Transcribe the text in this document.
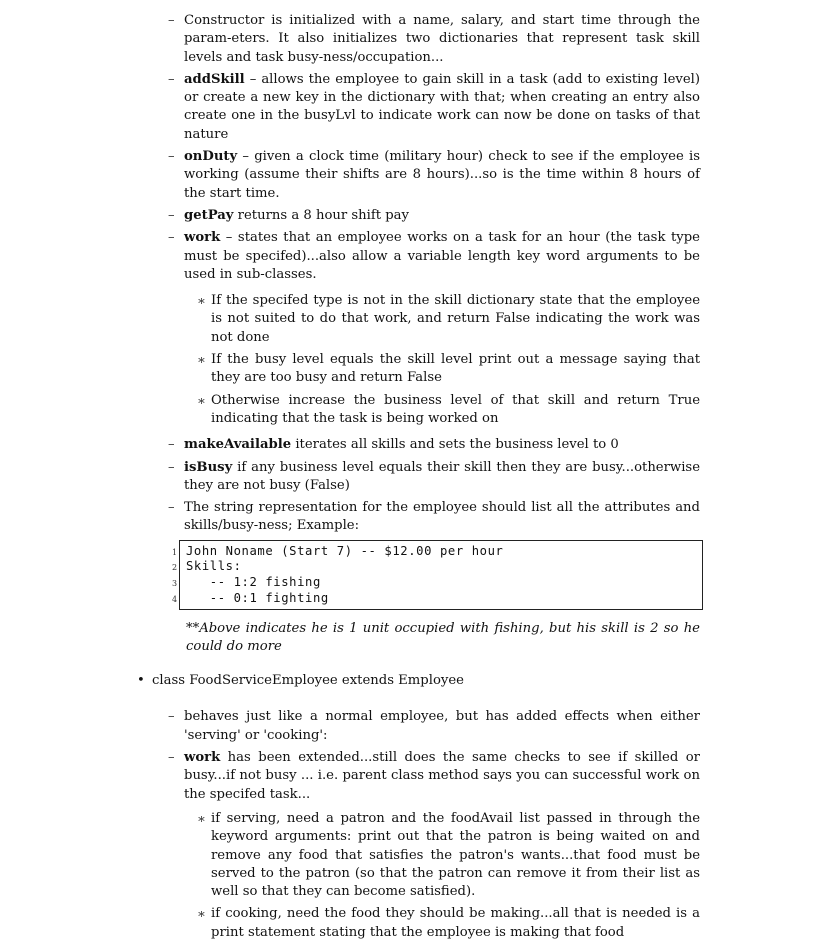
– Constructor is initialized with a name, salary, and start time through the param-eters. It also initializes two dictionaries that represent task skill levels and task busy-ness/occupation...
– addSkill – allows the employee to gain skill in a task (add to existing level) or create a new key in the dictionary with that; when creating an entry also create one in the busyLvl to indicate work can now be done on tasks of that nature
– onDuty – given a clock time (military hour) check to see if the employee is working (assume their shifts are 8 hours)...so is the time within 8 hours of the start time.
– getPay returns a 8 hour shift pay
– work – states that an employee works on a task for an hour (the task type must be specifed)...also allow a variable length key word arguments to be used in sub-classes.
∗ If the specifed type is not in the skill dictionary state that the employee is not suited to do that work, and return False indicating the work was not done
∗ If the busy level equals the skill level print out a message saying that they are too busy and return False
∗ Otherwise increase the business level of that skill and return True indicating that the task is being worked on
– makeAvailable iterates all skills and sets the business level to 0
– isBusy if any business level equals their skill then they are busy...otherwise they are not busy (False)
– The string representation for the employee should list all the attributes and skills/busy-ness; Example:
1 John Noname (Start 7) -- $12.00 per hour
2 Skills:
3 -- 1:2 fishing
4 -- 0:1 fighting
**Above indicates he is 1 unit occupied with fishing, but his skill is 2 so he could do more
• class FoodServiceEmployee extends Employee
– behaves just like a normal employee, but has added effects when either 'serving' or 'cooking':
– work has been extended...still does the same checks to see if skilled or busy...if not busy ... i.e. parent class method says you can successful work on the specifed task...
∗ if serving, need a patron and the foodAvail list passed in through the keyword arguments: print out that the patron is being waited on and remove any food that satisfies the patron's wants...that food must be served to the patron (so that the patron can remove it from their list as well so that they can become satisfied).
∗ if cooking, need the food they should be making...all that is needed is a print statement stating that the employee is making that food
